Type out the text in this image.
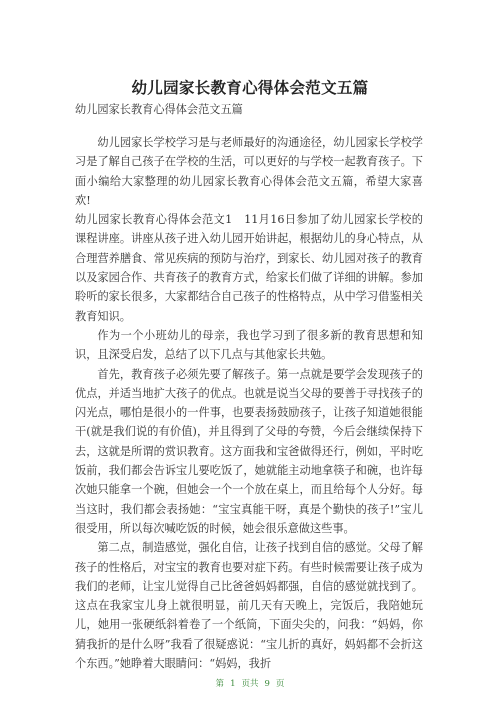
幼儿园家长教育心得体会范文五篇
幼儿园家长教育心得体会范文五篇

幼儿园家长学校学习是与老师最好的沟通途径，幼儿园家长学校学习是了解自己孩子在学校的生活，可以更好的与学校一起教育孩子。下面小编给大家整理的幼儿园家长教育心得体会范文五篇，希望大家喜欢!

幼儿园家长教育心得体会范文1　11月16日参加了幼儿园家长学校的课程讲座。讲座从孩子进入幼儿园开始讲起，根据幼儿的身心特点，从合理营养膳食、常见疾病的预防与治疗，到家长、幼儿园对孩子的教育以及家园合作、共育孩子的教育方式，给家长们做了详细的讲解。参加聆听的家长很多，大家都结合自己孩子的性格特点，从中学习借鉴相关教育知识。

作为一个小班幼儿的母亲，我也学习到了很多新的教育思想和知识，且深受启发，总结了以下几点与其他家长共勉。

首先，教育孩子必须先要了解孩子。第一点就是要学会发现孩子的优点，并适当地扩大孩子的优点。也就是说当父母的要善于寻找孩子的闪光点，哪怕是很小的一件事，也要表扬鼓励孩子，让孩子知道她很能干(就是我们说的有价值)，并且得到了父母的夸赞，今后会继续保持下去，这就是所谓的赏识教育。这方面我和宝爸做得还行，例如，平时吃饭前，我们都会告诉宝儿要吃饭了，她就能主动地拿筷子和碗，也许每次她只能拿一个碗，但她会一个一个放在桌上，而且给每个人分好。每当这时，我们都会表扬她：“宝宝真能干呀，真是个勤快的孩子!”宝儿很受用，所以每次喊吃饭的时候，她会很乐意做这些事。

第二点，制造感觉，强化自信，让孩子找到自信的感觉。父母了解孩子的性格后，对宝宝的教育也要对症下药。有些时候需要让孩子成为我们的老师，让宝儿觉得自己比爸爸妈妈都强，自信的感觉就找到了。这点在我家宝儿身上就很明显，前几天有天晚上，完饭后，我陪她玩儿，她用一张硬纸斜着卷了一个纸筒，下面尖尖的，问我：“妈妈，你猜我折的是什么呀”我看了很疑惑说：“宝儿折的真好，妈妈都不会折这个东西。”她睁着大眼睛问：“妈妈，我折

第 1 页共 9 页
